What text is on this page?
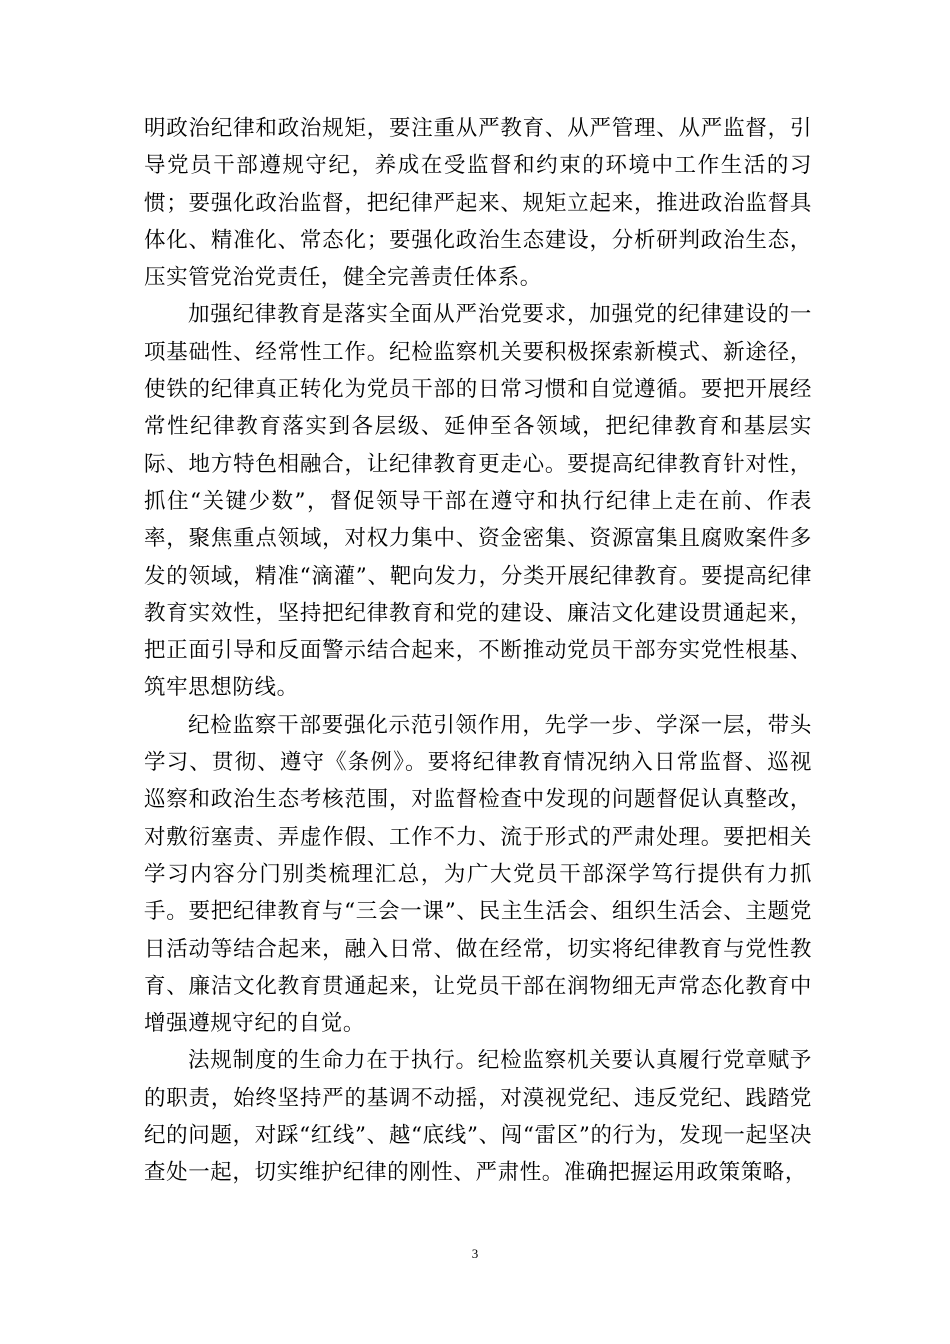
明政治纪律和政治规矩，要注重从严教育、从严管理、从严监督，引导党员干部遵规守纪，养成在受监督和约束的环境中工作生活的习惯；要强化政治监督，把纪律严起来、规矩立起来，推进政治监督具体化、精准化、常态化；要强化政治生态建设，分析研判政治生态，压实管党治党责任，健全完善责任体系。

加强纪律教育是落实全面从严治党要求，加强党的纪律建设的一项基础性、经常性工作。纪检监察机关要积极探索新模式、新途径，使铁的纪律真正转化为党员干部的日常习惯和自觉遵循。要把开展经常性纪律教育落实到各层级、延伸至各领域，把纪律教育和基层实际、地方特色相融合，让纪律教育更走心。要提高纪律教育针对性，抓住“关键少数”，督促领导干部在遵守和执行纪律上走在前、作表率，聚焦重点领域，对权力集中、资金密集、资源富集且腐败案件多发的领域，精准“滴灌”、靶向发力，分类开展纪律教育。要提高纪律教育实效性，坚持把纪律教育和党的建设、廉洁文化建设贯通起来，把正面引导和反面警示结合起来，不断推动党员干部夯实党性根基、筑牢思想防线。

纪检监察干部要强化示范引领作用，先学一步、学深一层，带头学习、贯彻、遵守《条例》。要将纪律教育情况纳入日常监督、巡视巡察和政治生态考核范围，对监督检查中发现的问题督促认真整改，对敷衍塞责、弄虚作假、工作不力、流于形式的严肃处理。要把相关学习内容分门别类梳理汇总，为广大党员干部深学笃行提供有力抓手。要把纪律教育与“三会一课”、民主生活会、组织生活会、主题党日活动等结合起来，融入日常、做在经常，切实将纪律教育与党性教育、廉洁文化教育贯通起来，让党员干部在润物细无声常态化教育中增强遵规守纪的自觉。

法规制度的生命力在于执行。纪检监察机关要认真履行党章赋予的职责，始终坚持严的基调不动摇，对漠视党纪、违反党纪、践踏党纪的问题，对踩“红线”、越“底线”、闯“雷区”的行为，发现一起坚决查处一起，切实维护纪律的刚性、严肃性。准确把握运用政策策略，

3
